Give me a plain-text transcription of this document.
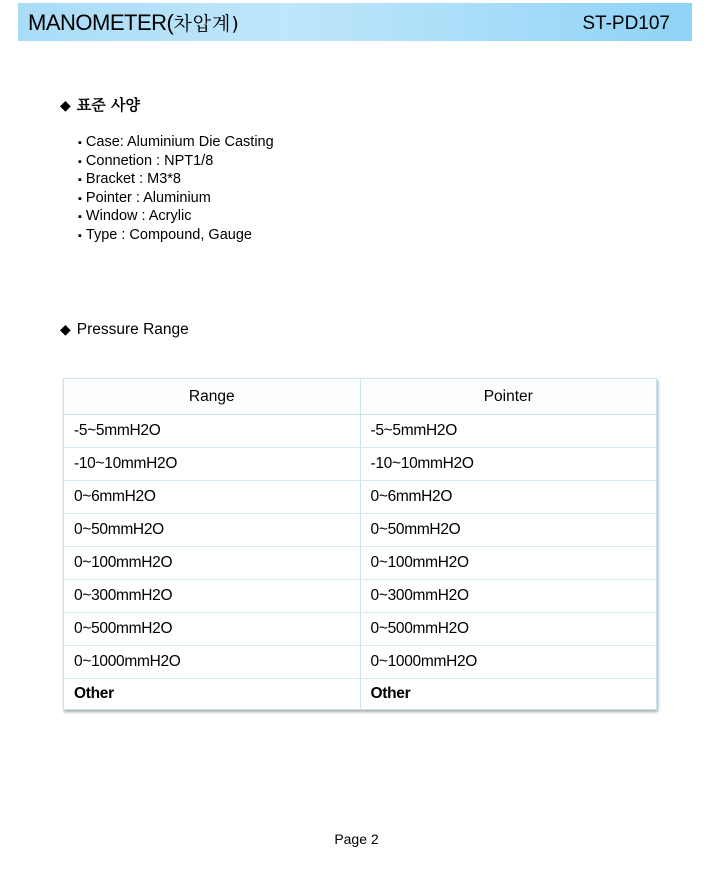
MANOMETER(차압계)	ST-PD107
◆ 표준 사양
▪ Case: Aluminium Die Casting
▪ Connetion : NPT1/8
▪ Bracket : M3*8
▪ Pointer : Aluminium
▪ Window : Acrylic
▪ Type : Compound, Gauge
◆ Pressure Range
Range	Pointer
-5~5mmH2O	-5~5mmH2O
-10~10mmH2O	-10~10mmH2O
0~6mmH2O	0~6mmH2O
0~50mmH2O	0~50mmH2O
0~100mmH2O	0~100mmH2O
0~300mmH2O	0~300mmH2O
0~500mmH2O	0~500mmH2O
0~1000mmH2O	0~1000mmH2O
Other	Other
Page 2
